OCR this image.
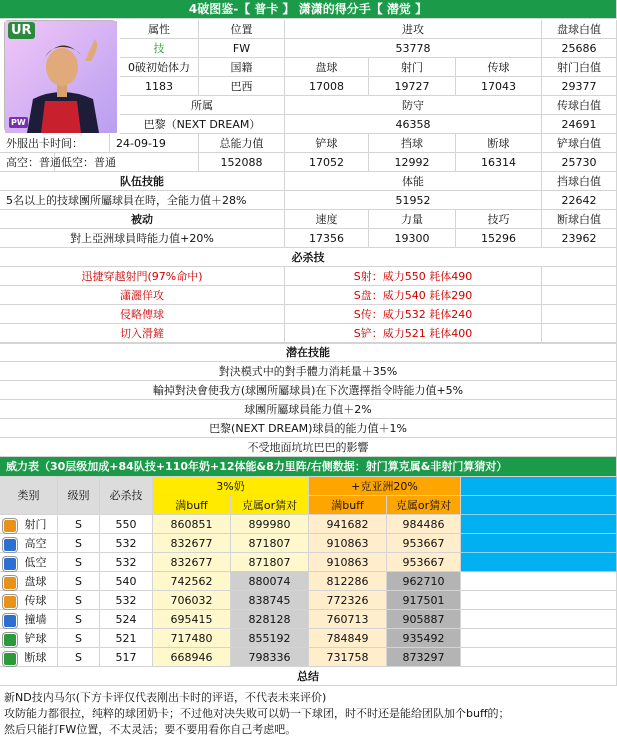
4破图鉴-【 普卡 】 潇潇的得分手【 潜觉 】
UR
PW
属性	位置	进攻	盘球白值
技	FW	53778	25686
0破初始体力	国籍	盘球	射门	传球	射门白值
1183	巴西	17008	19727	17043	29377
所属	防守	传球白值
巴黎（NEXT DREAM）	46358	24691
外服出卡时间：	24-09-19	总能力值	铲球	挡球	断球	铲球白值
高空：普通 低空：普通	152088	17052	12992	16314	25730
队伍技能	体能	挡球白值
5名以上的技球團所屬球員在時，全能力值＋28%	51952	22642
被动	速度	力量	技巧	断球白值
對上亞洲球員時能力值+20%	17356	19300	15296	23962
必杀技
迅捷穿越射門(97%命中)	S射：威力550 耗体490
瀟灑佯攻	S盘：威力540 耗体290
侵略傳球	S传：威力532 耗体240
切入滑鏟	S铲：威力521 耗体400
潜在技能
對決模式中的對手體力消耗量＋35%
輸掉對決會使我方(球團所屬球員)在下次選擇指令時能力值+5%
球團所屬球員能力值＋2%
巴黎(NEXT DREAM)球員的能力值＋1%
不受地面坑坑巴巴的影響
威力表（30层级加成+84队技+110年奶+12体能&8力里阵/右侧数据：射门算克属&非射门算猜对）
类别	级别	必杀技
3%奶	+克亚洲20%
满buff	克属or猜对	满buff	克属or猜对
射门	S	550	860851	899980	941682	984486
高空	S	532	832677	871807	910863	953667
低空	S	532	832677	871807	910863	953667
盘球	S	540	742562	880074	812286	962710
传球	S	532	706032	838745	772326	917501
撞墙	S	524	695415	828128	760713	905887
铲球	S	521	717480	855192	784849	935492
断球	S	517	668946	798336	731758	873297
总结
新ND技内马尔(下方卡评仅代表刚出卡时的评语，不代表未来评价)
攻防能力都很拉，纯粹的球团奶卡；不过他对决失败可以奶一下球团，时不时还是能给团队加个buff的；
然后只能打FW位置，不太灵活；要不要用看你自己考虑吧。
